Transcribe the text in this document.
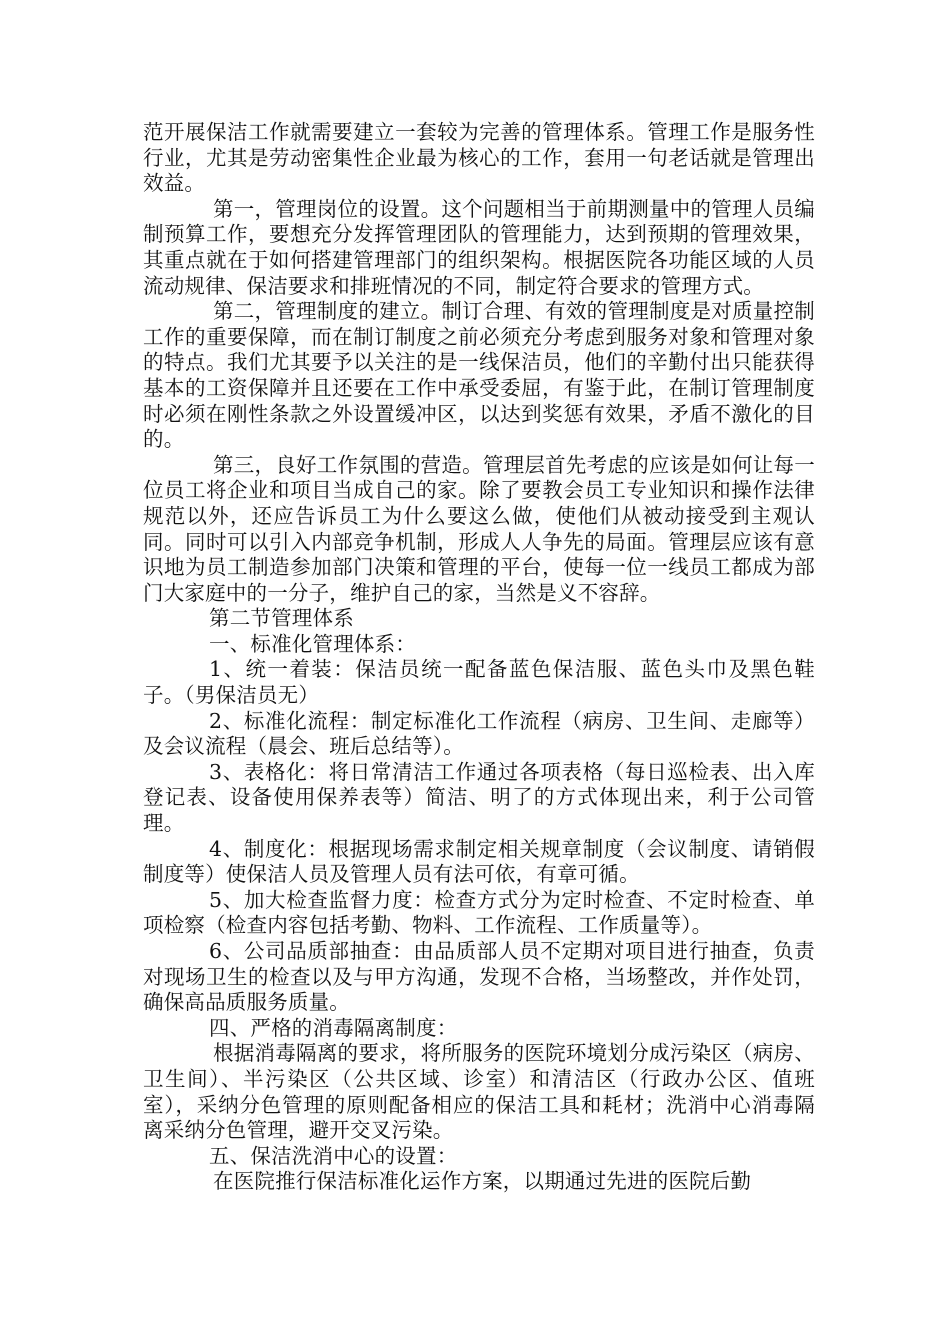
范开展保洁工作就需要建立一套较为完善的管理体系。管理工作是服务性行业，尤其是劳动密集性企业最为核心的工作，套用一句老话就是管理出效益。

第一，管理岗位的设置。这个问题相当于前期测量中的管理人员编制预算工作，要想充分发挥管理团队的管理能力，达到预期的管理效果，其重点就在于如何搭建管理部门的组织架构。根据医院各功能区域的人员流动规律、保洁要求和排班情况的不同，制定符合要求的管理方式。

第二，管理制度的建立。制订合理、有效的管理制度是对质量控制工作的重要保障，而在制订制度之前必须充分考虑到服务对象和管理对象的特点。我们尤其要予以关注的是一线保洁员，他们的辛勤付出只能获得基本的工资保障并且还要在工作中承受委屈，有鉴于此，在制订管理制度时必须在刚性条款之外设置缓冲区，以达到奖惩有效果，矛盾不激化的目的。

第三，良好工作氛围的营造。管理层首先考虑的应该是如何让每一位员工将企业和项目当成自己的家。除了要教会员工专业知识和操作法律规范以外，还应告诉员工为什么要这么做，使他们从被动接受到主观认同。同时可以引入内部竞争机制，形成人人争先的局面。管理层应该有意识地为员工制造参加部门决策和管理的平台，使每一位一线员工都成为部门大家庭中的一分子，维护自己的家，当然是义不容辞。

第二节管理体系

一、标准化管理体系：

1、统一着装：保洁员统一配备蓝色保洁服、蓝色头巾及黑色鞋子。（男保洁员无）

2、标准化流程：制定标准化工作流程（病房、卫生间、走廊等）及会议流程（晨会、班后总结等）。

3、表格化：将日常清洁工作通过各项表格（每日巡检表、出入库登记表、设备使用保养表等）简洁、明了的方式体现出来，利于公司管理。

4、制度化：根据现场需求制定相关规章制度（会议制度、请销假制度等）使保洁人员及管理人员有法可依，有章可循。

5、加大检查监督力度：检查方式分为定时检查、不定时检查、单项检察（检查内容包括考勤、物料、工作流程、工作质量等）。

6、公司品质部抽查：由品质部人员不定期对项目进行抽查，负责对现场卫生的检查以及与甲方沟通，发现不合格，当场整改，并作处罚，确保高品质服务质量。

四、严格的消毒隔离制度：

根据消毒隔离的要求，将所服务的医院环境划分成污染区（病房、卫生间）、半污染区（公共区域、诊室）和清洁区（行政办公区、值班室），采纳分色管理的原则配备相应的保洁工具和耗材；洗消中心消毒隔离采纳分色管理，避开交叉污染。

五、保洁洗消中心的设置：

在医院推行保洁标准化运作方案，以期通过先进的医院后勤
